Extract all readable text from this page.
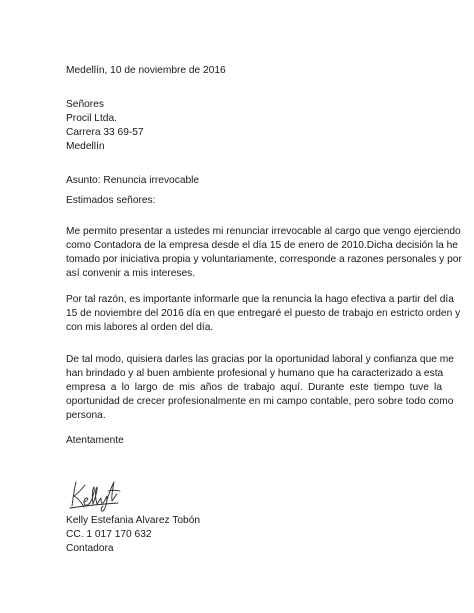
Medellín, 10 de noviembre de 2016
Señores
Procil Ltda.
Carrera 33 69-57
Medellín
Asunto: Renuncia irrevocable
Estimados señores:
Me permito presentar a ustedes mi renunciar irrevocable al cargo que vengo ejerciendo
como Contadora de la empresa desde el día 15 de enero de 2010.Dicha decisión la he
tomado por iniciativa propia y voluntariamente, corresponde a razones personales y por
así convenir a mis intereses.
Por tal razón, es importante informarle que la renuncia la hago efectiva a partir del día
15 de noviembre del 2016 día en que entregaré el puesto de trabajo en estricto orden y
con mis labores al orden del día.
De tal modo, quisiera darles las gracias por la oportunidad laboral y confianza que me
han brindado y al buen ambiente profesional y humano que ha caracterizado a esta
empresa a lo largo de mis años de trabajo aquí. Durante este tiempo tuve la
oportunidad de crecer profesionalmente en mi campo contable, pero sobre todo como
persona.
Atentamente
Kelly Estefania Alvarez Tobón
CC. 1 017 170 632
Contadora
